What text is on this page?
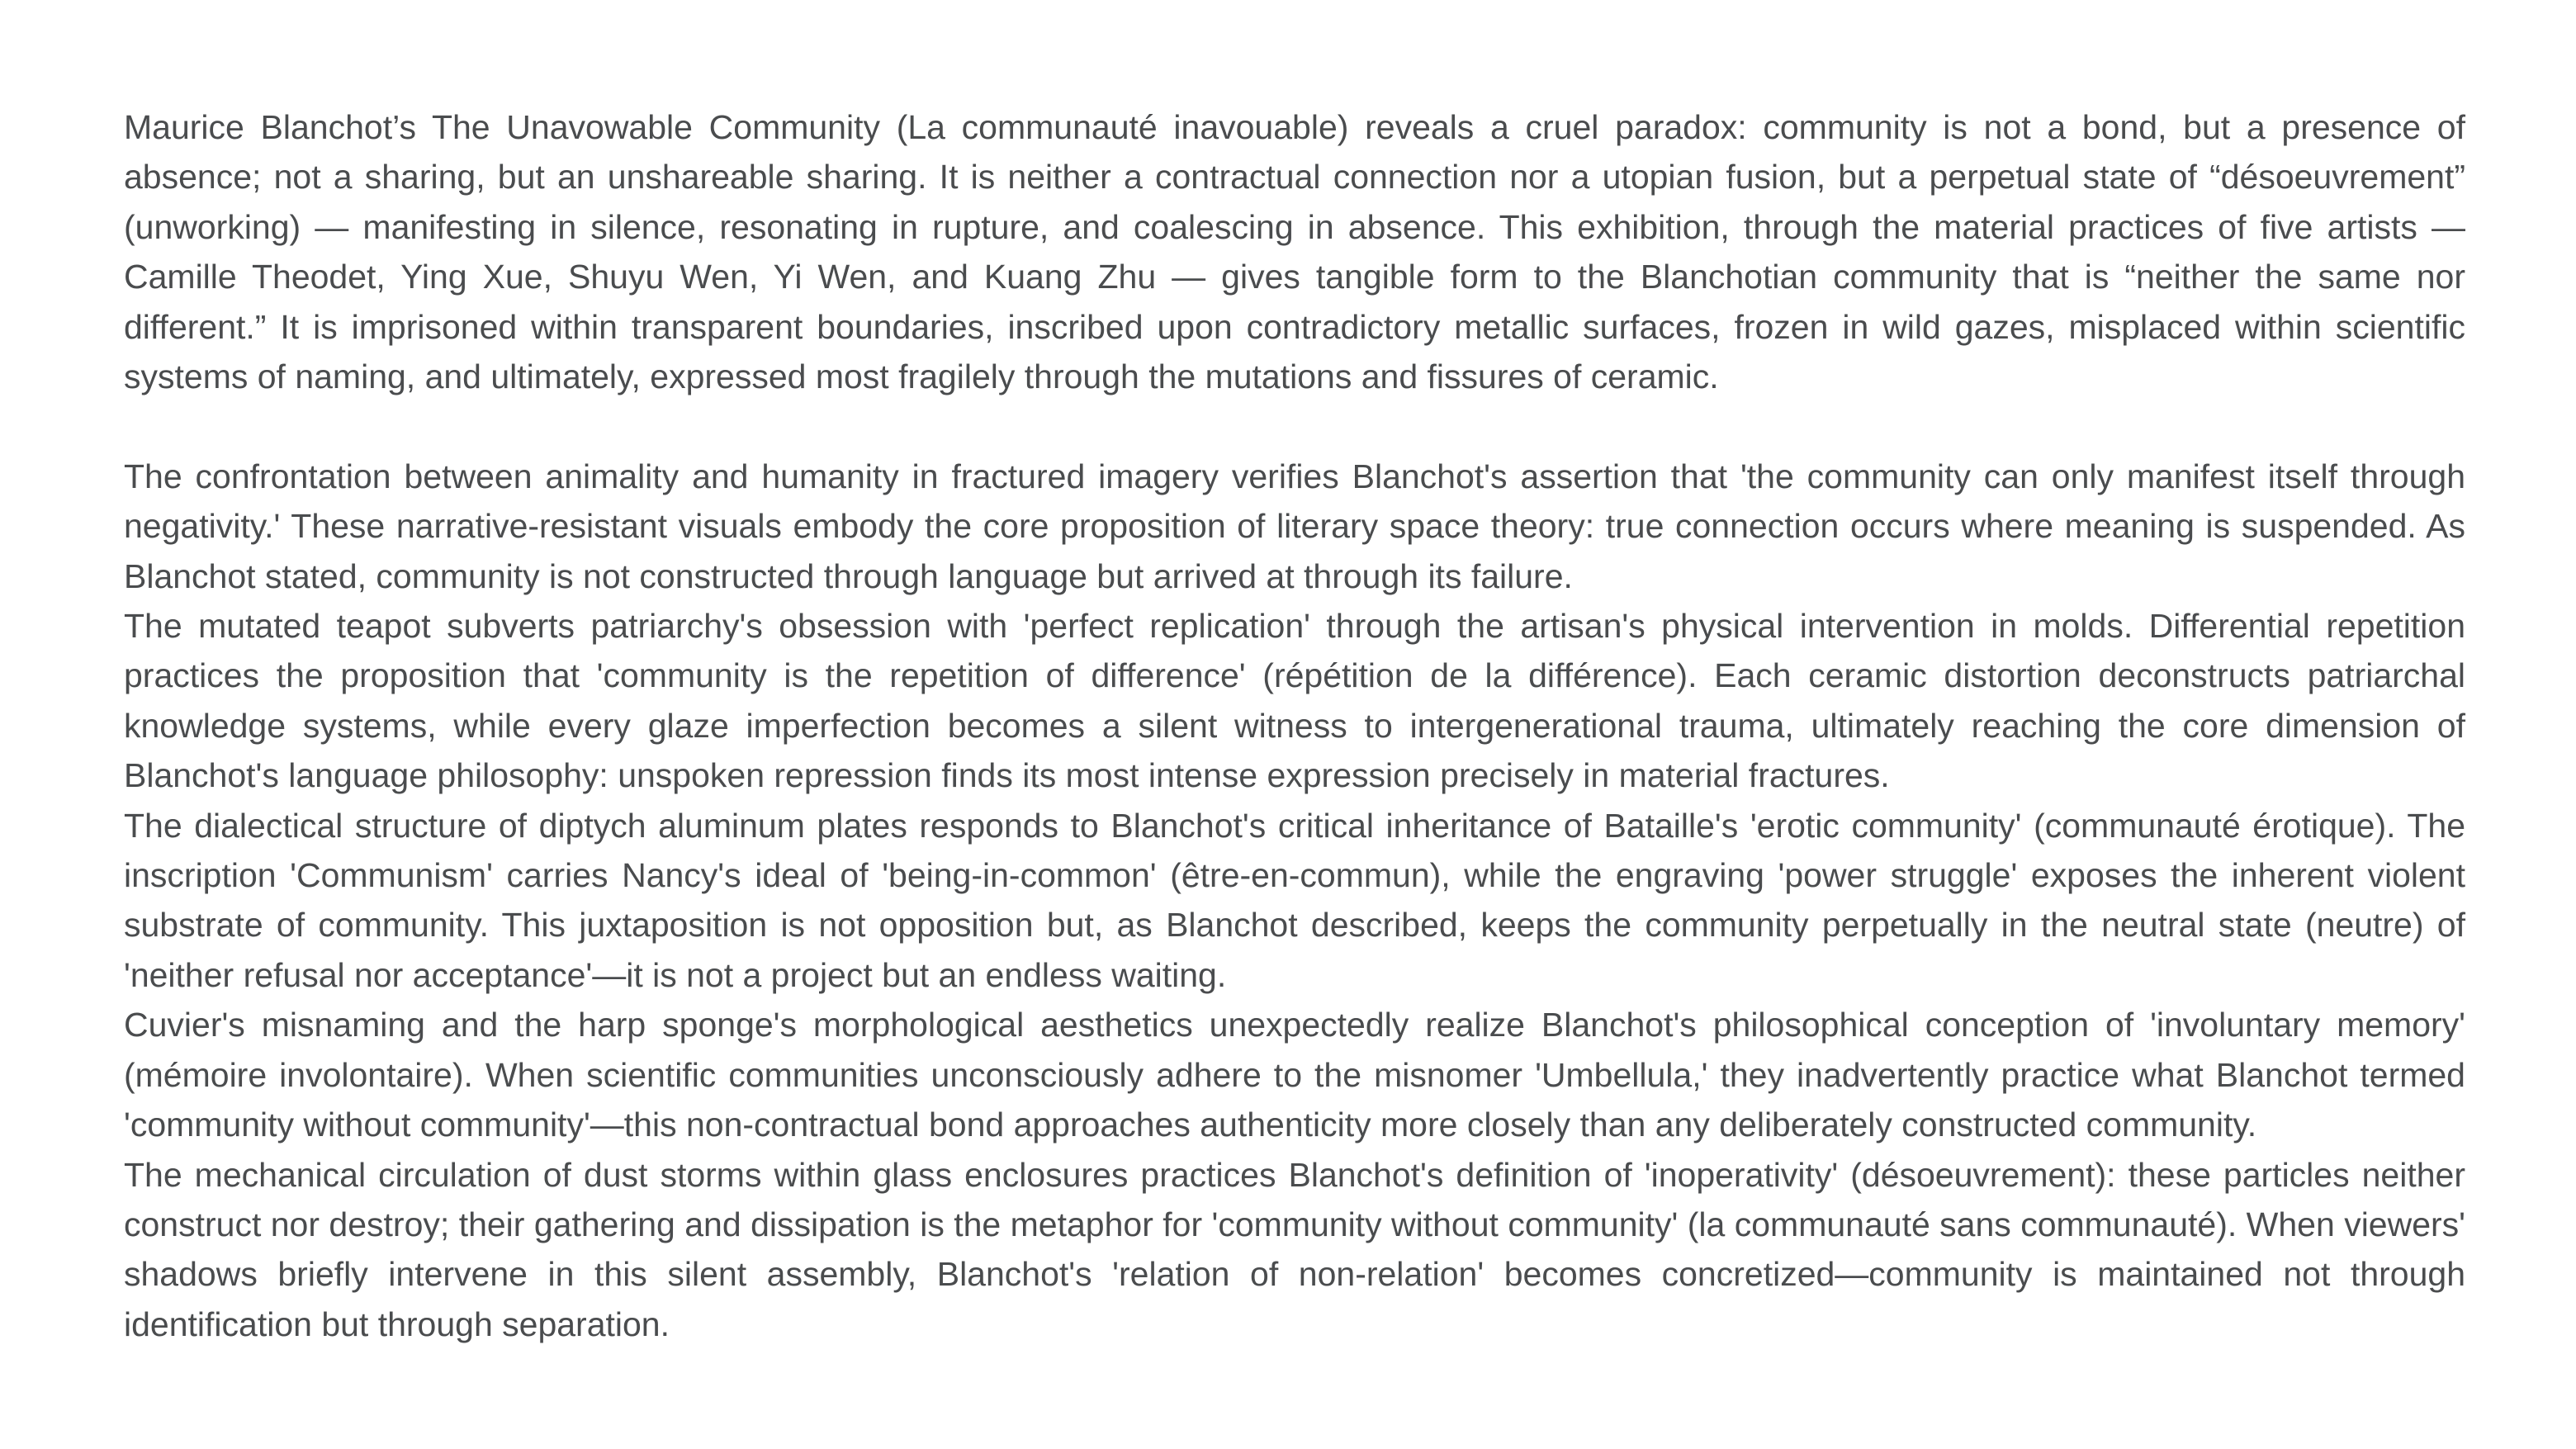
Maurice Blanchot’s The Unavowable Community (La communauté inavouable) reveals a cruel paradox: community is not a bond, but a presence of absence; not a sharing, but an unshareable sharing. It is neither a contractual connection nor a utopian fusion, but a perpetual state of “désoeuvrement” (unworking) — manifesting in silence, resonating in rupture, and coalescing in absence. This exhibition, through the material practices of five artists — Camille Theodet, Ying Xue, Shuyu Wen, Yi Wen, and Kuang Zhu — gives tangible form to the Blanchotian community that is “neither the same nor different.” It is imprisoned within transparent boundaries, inscribed upon contradictory metallic surfaces, frozen in wild gazes, misplaced within scientific systems of naming, and ultimately, expressed most fragilely through the mutations and fissures of ceramic.

The confrontation between animality and humanity in fractured imagery verifies Blanchot's assertion that 'the community can only manifest itself through negativity.' These narrative-resistant visuals embody the core proposition of literary space theory: true connection occurs where meaning is suspended. As Blanchot stated, community is not constructed through language but arrived at through its failure.

The mutated teapot subverts patriarchy's obsession with 'perfect replication' through the artisan's physical intervention in molds. Differential repetition practices the proposition that 'community is the repetition of difference' (répétition de la différence). Each ceramic distortion deconstructs patriarchal knowledge systems, while every glaze imperfection becomes a silent witness to intergenerational trauma, ultimately reaching the core dimension of Blanchot's language philosophy: unspoken repression finds its most intense expression precisely in material fractures.

The dialectical structure of diptych aluminum plates responds to Blanchot's critical inheritance of Bataille's 'erotic community' (communauté érotique). The inscription 'Communism' carries Nancy's ideal of 'being-in-common' (être-en-commun), while the engraving 'power struggle' exposes the inherent violent substrate of community. This juxtaposition is not opposition but, as Blanchot described, keeps the community perpetually in the neutral state (neutre) of 'neither refusal nor acceptance'—it is not a project but an endless waiting.

Cuvier's misnaming and the harp sponge's morphological aesthetics unexpectedly realize Blanchot's philosophical conception of 'involuntary memory' (mémoire involontaire). When scientific communities unconsciously adhere to the misnomer 'Umbellula,' they inadvertently practice what Blanchot termed 'community without community'—this non-contractual bond approaches authenticity more closely than any deliberately constructed community.

The mechanical circulation of dust storms within glass enclosures practices Blanchot's definition of 'inoperativity' (désoeuvrement): these particles neither construct nor destroy; their gathering and dissipation is the metaphor for 'community without community' (la communauté sans communauté). When viewers' shadows briefly intervene in this silent assembly, Blanchot's 'relation of non-relation' becomes concretized—community is maintained not through identification but through separation.
